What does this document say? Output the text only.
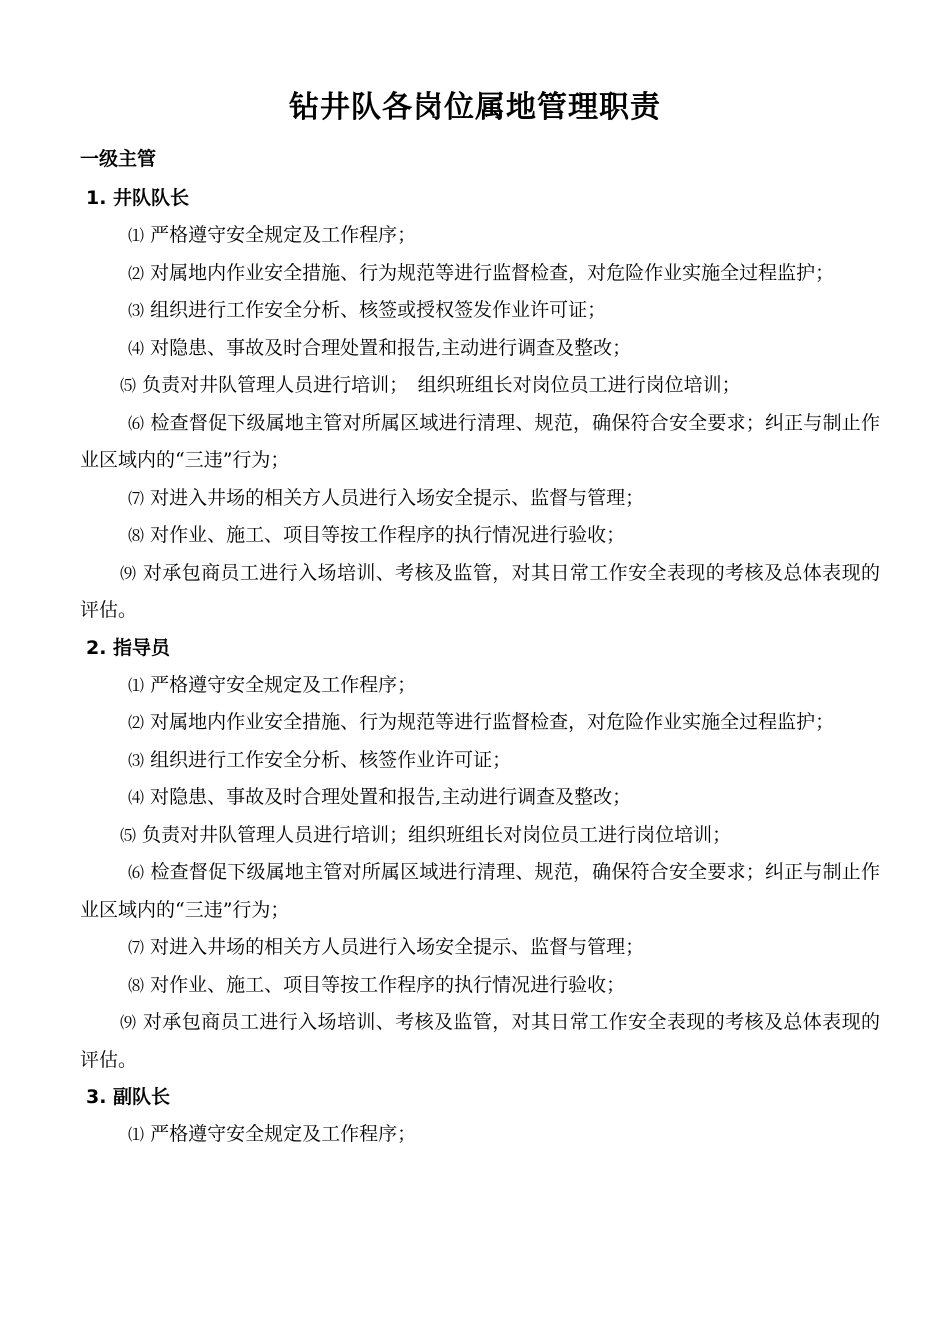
钻井队各岗位属地管理职责
一级主管
1. 井队队长

⑴ 严格遵守安全规定及工作程序；

⑵ 对属地内作业安全措施、行为规范等进行监督检查，对危险作业实施全过程监护；

⑶ 组织进行工作安全分析、核签或授权签发作业许可证；

⑷ 对隐患、事故及时合理处置和报告,主动进行调查及整改；

⑸ 负责对井队管理人员进行培训；　组织班组长对岗位员工进行岗位培训；

⑹ 检查督促下级属地主管对所属区域进行清理、规范，确保符合安全要求；纠正与制止作业区域内的“三违”行为；

⑺ 对进入井场的相关方人员进行入场安全提示、监督与管理；

⑻ 对作业、施工、项目等按工作程序的执行情况进行验收；

⑼ 对承包商员工进行入场培训、考核及监管，对其日常工作安全表现的考核及总体表现的评估。

2. 指导员

⑴ 严格遵守安全规定及工作程序；

⑵ 对属地内作业安全措施、行为规范等进行监督检查，对危险作业实施全过程监护；

⑶ 组织进行工作安全分析、核签作业许可证；

⑷ 对隐患、事故及时合理处置和报告,主动进行调查及整改；

⑸ 负责对井队管理人员进行培训；组织班组长对岗位员工进行岗位培训；

⑹ 检查督促下级属地主管对所属区域进行清理、规范，确保符合安全要求；纠正与制止作业区域内的“三违”行为；

⑺ 对进入井场的相关方人员进行入场安全提示、监督与管理；

⑻ 对作业、施工、项目等按工作程序的执行情况进行验收；

⑼ 对承包商员工进行入场培训、考核及监管，对其日常工作安全表现的考核及总体表现的评估。

3. 副队长

⑴ 严格遵守安全规定及工作程序；
